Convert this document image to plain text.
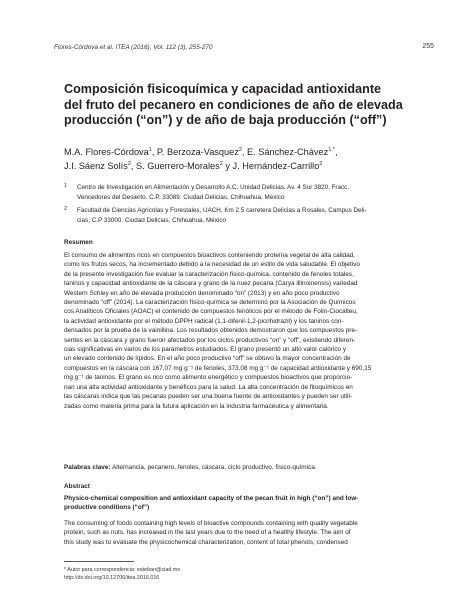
Flores-Córdova et al. ITEA (2016), Vol. 112 (3), 255-270	255
Composición fisicoquímica y capacidad antioxidante
del fruto del pecanero en condiciones de año de elevada
producción (“on”) y de año de baja producción (“off”)
M.A. Flores-Córdova$^1$, P. Berzoza-Vasquez$^2$, E. Sánchez-Chávez$^{1,*}$,
J.I. Sáenz Solís$^2$, S. Guerrero-Morales$^2$ y J. Hernández-Carrillo$^2$
1 Centro de Investigación en Alimentación y Desarrollo A.C. Unidad Delicias. Av. 4 Sur 3820, Fracc.
Vencedores del Desierto. C.P. 33089. Ciudad Delicias, Chihuahua, México
2 Facultad de Ciencias Agrícolas y Forestales, UACH, Km 2.5 carretera Delicias a Rosales, Campus Deli-
cias, C.P 33000. Ciudad Delicias, Chihuahua, México
Resumen
El consumo de alimentos ricos en compuestos bioactivos conteniendo proteína vegetal de alta calidad,
como los frutos secos, ha incrementado debido a la necesidad de un estilo de vida saludable. El objetivo
de la presente investigación fue evaluar la caracterización fisico-química, contenido de fenoles totales,
taninos y capacidad antioxidante de la cáscara y grano de la nuez pecana (Carya illinoinensis) variedad
Western Schley en año de elevada producción denominado “on” (2013) y en año poco productivo
denominado “off” (2014). La caracterización físico-química se determinó por la Asociación de Químicos
cos Analíticos Oficiales (AOAC) el contenido de compuestos fenólicos por el método de Folin-Ciocalteu,
la actividad antioxidante por el método DPPH radical (1,1-difenil-1,2-picrihidrazil) y los taninos con-
densados por la prueba de la vainillina. Los resultados obtenidos demostraron que los compuestos pre-
sentes en la cáscara y grano fueron afectados por los ciclos productivos “on” y “off”, existiendo diferen-
cias significativas en varios de los parámetros estudiados. El grano presentó un alto valor calórico y
un elevado contenido de lípidos. En el año poco productivo “off” se obtuvo la mayor concentración de
compuestos en la cáscara con 167,07 mg g⁻¹ de fenoles, 373,08 mg g⁻¹ de capacidad antioxidante y 690,15
mg g⁻¹ de taninos. El grano es rico como alimento energético y compuestos bioactivos que proporcio-
nan una alta actividad antioxidante y benéficos para la salud. La alta concentración de fitoquímicos en
las cáscaras indica que las pecanas pueden ser una buena fuente de antioxidantes y pueden ser utili-
zadas como materia prima para la futura aplicación en la industria farmacéutica y alimentaria.
Palabras clave: Alternancia, pecanero, fenoles, cáscara, ciclo productivo, físico-química.
Abstract
Physico-chemical composition and antioxidant capacity of the pecan fruit in high (“on”) and low-
productive conditions (“of”)
The consuming of foods containing high levels of bioactive compounds containing with quality vegetable
protein, such as nuts, has increased in the last years due to the need of a healthy lifestyle. The aim of
this study was to evaluate the physicochemical characterization, content of total phenols, condensed
* Autor para correspondencia: esteban@ciad.mx
http://dx.doi.org/10.12706/itea.2016.016
